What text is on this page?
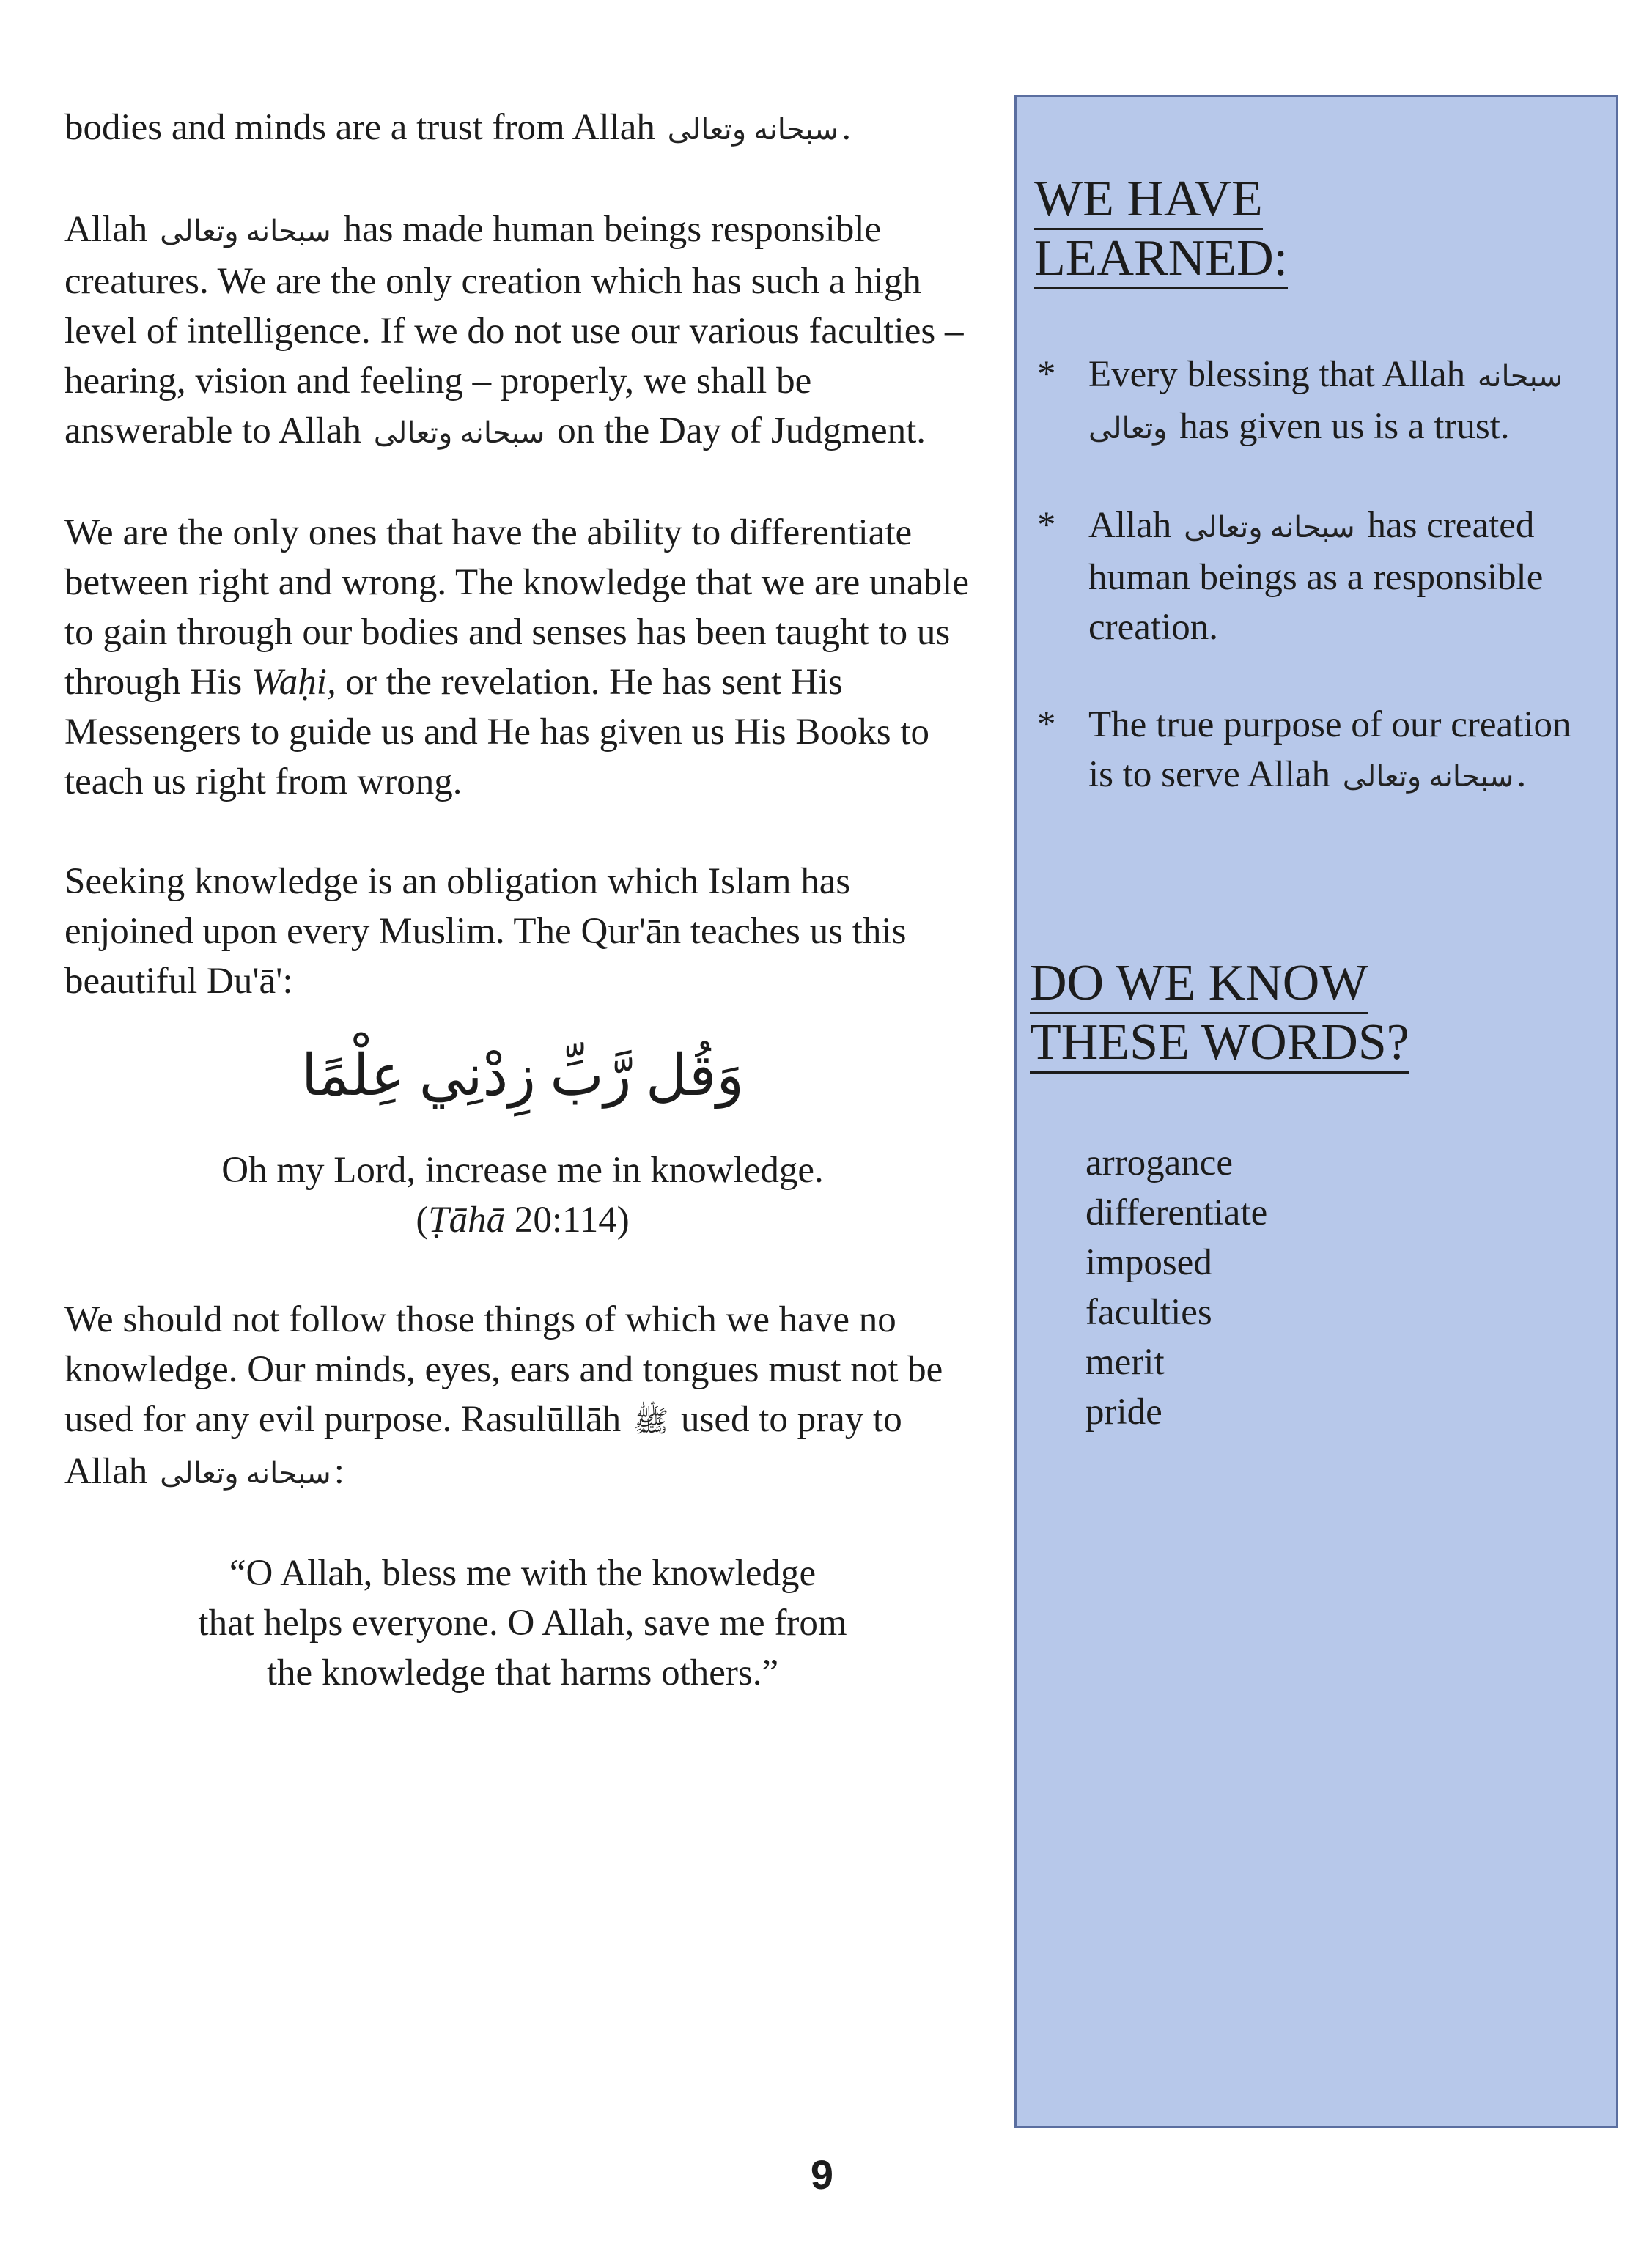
bodies and minds are a trust from Allah سبحانه وتعالى.

Allah سبحانه وتعالى has made human beings responsible creatures. We are the only creation which has such a high level of intelligence. If we do not use our various faculties – hearing, vision and feeling – properly, we shall be answerable to Allah سبحانه وتعالى on the Day of Judgment.

We are the only ones that have the ability to differentiate between right and wrong. The knowledge that we are unable to gain through our bodies and senses has been taught to us through His Waḥi, or the revelation. He has sent His Messengers to guide us and He has given us His Books to teach us right from wrong.

Seeking knowledge is an obligation which Islam has enjoined upon every Muslim. The Qur'ān teaches us this beautiful Du'ā':

وَقُل رَّبِّ زِدْنِي عِلْمًا
Oh my Lord, increase me in knowledge.
(Ṭāhā 20:114)

We should not follow those things of which we have no knowledge. Our minds, eyes, ears and tongues must not be used for any evil purpose. Rasulūllāh ﷺ used to pray to Allah سبحانه وتعالى:

“O Allah, bless me with the knowledge
that helps everyone. O Allah, save me from
the knowledge that harms others.”
WE HAVE
LEARNED:
* Every blessing that Allah سبحانه وتعالى has given us is a trust.
* Allah سبحانه وتعالى has created human beings as a responsible creation.
* The true purpose of our creation is to serve Allah سبحانه وتعالى.
DO WE KNOW
THESE WORDS?
arrogance
differentiate
imposed
faculties
merit
pride
9
